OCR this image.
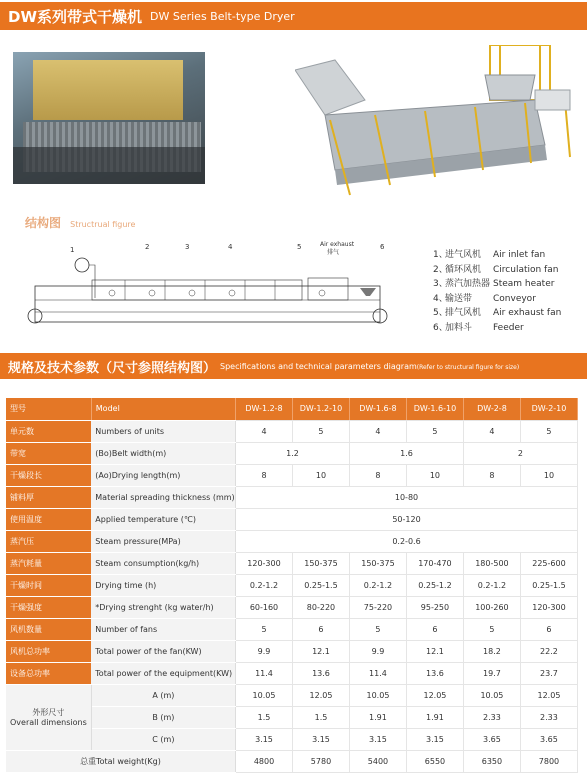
DW系列带式干燥机 DW Series Belt-type Dryer
结构图 Structrual figure
1	2	3	4	5	6
Air exhaust
排气	1、
进气风机	Air inlet fan
2、
循环风机	Circulation fan
3、
蒸汽加热器 Steam heater
4、
输送带	Conveyor
5、
排气风机	Air exhaust fan
6、
加料斗	Feeder
规格及技术参数（尺寸参照结构图） Specifications and technical parameters diagram(Refer to structural figure for size)
型号	Model	DW-1.2-8	DW-1.2-10	DW-1.6-8	DW-1.6-10	DW-2-8	DW-2-10
单元数	Numbers of units	4	5	4	5	4	5
带宽	(Bo)Belt width(m)	1.2		1.6		2	
干燥段长	(Ao)Drying length(m)	8	10	8	10	8	10
铺料厚	Material spreading thickness (mm)	10-80					
使用温度	Applied temperature (℃)	50-120					
蒸汽压	Steam pressure(MPa)	0.2-0.6					
蒸汽耗量	Steam consumption(kg/h)	120-300	150-375	150-375	170-470	180-500	225-600
干燥时间	Drying time (h)	0.2-1.2	0.25-1.5	0.2-1.2	0.25-1.2	0.2-1.2	0.25-1.5
干燥强度	*Drying strenght (kg water/h)	60-160	80-220	75-220	95-250	100-260	120-300
风机数量	Number of fans	5	6	5	6	5	6
风机总功率	Total power of the fan(KW)	9.9	12.1	9.9	12.1	18.2	22.2
设备总功率	Total power of the equipment(KW)	11.4	13.6	11.4	13.6	19.7	23.7

外形尺寸
Overall dimensions	A (m)	10.05	12.05	10.05	12.05	10.05	12.05
	B (m)	1.5	1.5	1.91	1.91	2.33	2.33
	C (m)	3.15	3.15	3.15	3.15	3.65	3.65
总重Total weight(Kg)		4800	5780	5400	6550	6350	7800
